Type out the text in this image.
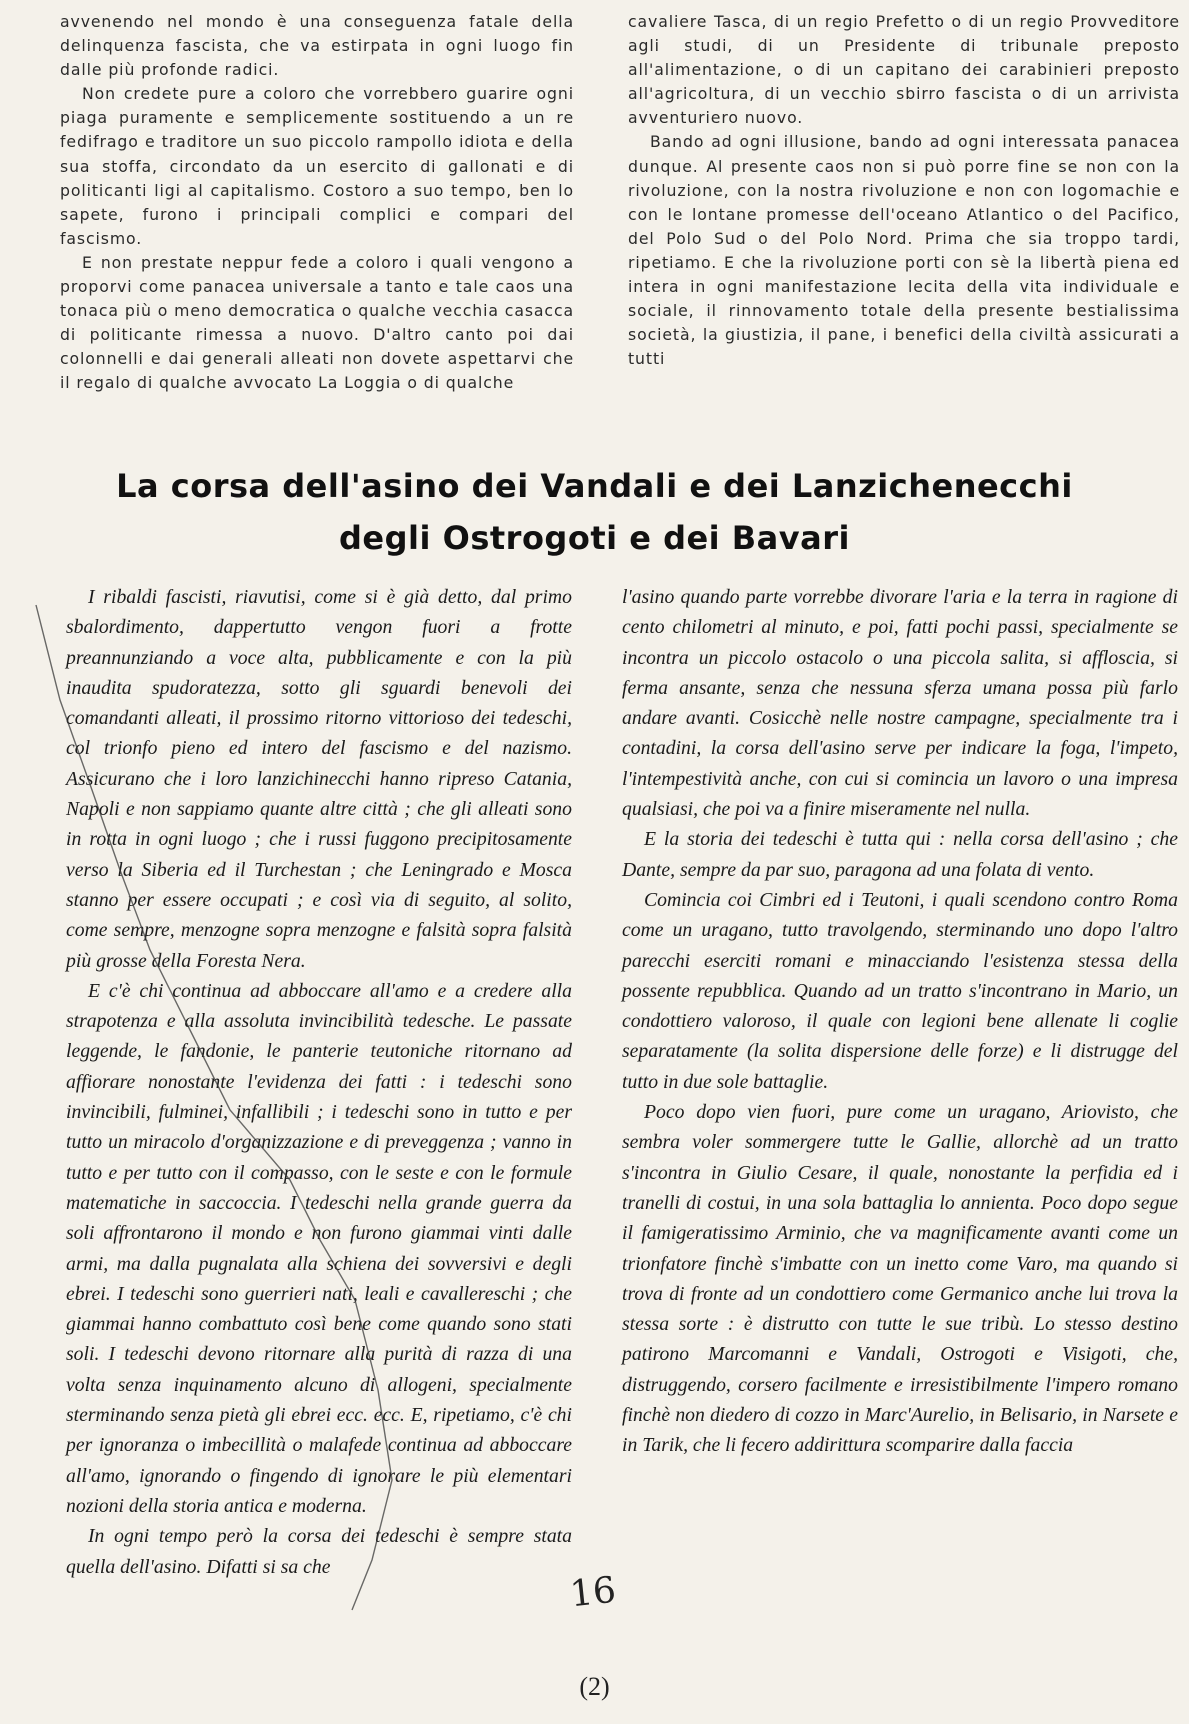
avvenendo nel mondo è una conseguenza fatale della delinquenza fascista, che va estirpata in ogni luogo fin dalle più profonde radici.

Non credete pure a coloro che vorrebbero guarire ogni piaga puramente e semplicemente sostituendo a un re fedifrago e traditore un suo piccolo rampollo idiota e della sua stoffa, circondato da un esercito di gallonati e di politicanti ligi al capitalismo. Costoro a suo tempo, ben lo sapete, furono i principali complici e compari del fascismo.

E non prestate neppur fede a coloro i quali vengono a proporvi come panacea universale a tanto e tale caos una tonaca più o meno democratica o qualche vecchia casacca di politicante rimessa a nuovo. D'altro canto poi dai colonnelli e dai generali alleati non dovete aspettarvi che il regalo di qualche avvocato La Loggia o di qualche

cavaliere Tasca, di un regio Prefetto o di un regio Provveditore agli studi, di un Presidente di tribunale preposto all'alimentazione, o di un capitano dei carabinieri preposto all'agricoltura, di un vecchio sbirro fascista o di un arrivista avventuriero nuovo.

Bando ad ogni illusione, bando ad ogni interessata panacea dunque. Al presente caos non si può porre fine se non con la rivoluzione, con la nostra rivoluzione e non con logomachie e con le lontane promesse dell'oceano Atlantico o del Pacifico, del Polo Sud o del Polo Nord. Prima che sia troppo tardi, ripetiamo. E che la rivoluzione porti con sè la libertà piena ed intera in ogni manifestazione lecita della vita individuale e sociale, il rinnovamento totale della presente bestialissima società, la giustizia, il pane, i benefici della civiltà assicurati a tutti

La corsa dell'asino dei Vandali e dei Lanzichenecchi
degli Ostrogoti e dei Bavari

I ribaldi fascisti, riavutisi, come si è già detto, dal primo sbalordimento, dappertutto vengon fuori a frotte preannunziando a voce alta, pubblicamente e con la più inaudita spudoratezza, sotto gli sguardi benevoli dei comandanti alleati, il prossimo ritorno vittorioso dei tedeschi, col trionfo pieno ed intero del fascismo e del nazismo. Assicurano che i loro lanzichinecchi hanno ripreso Catania, Napoli e non sappiamo quante altre città ; che gli alleati sono in rotta in ogni luogo ; che i russi fuggono precipitosamente verso la Siberia ed il Turchestan ; che Leningrado e Mosca stanno per essere occupati ; e così via di seguito, al solito, come sempre, menzogne sopra menzogne e falsità sopra falsità più grosse della Foresta Nera.

E c'è chi continua ad abboccare all'amo e a credere alla strapotenza e alla assoluta invincibilità tedesche. Le passate leggende, le fandonie, le panterie teutoniche ritornano ad affiorare nonostante l'evidenza dei fatti : i tedeschi sono invincibili, fulminei, infallibili ; i tedeschi sono in tutto e per tutto un miracolo d'organizzazione e di preveggenza ; vanno in tutto e per tutto con il compasso, con le seste e con le formule matematiche in saccoccia. I tedeschi nella grande guerra da soli affrontarono il mondo e non furono giammai vinti dalle armi, ma dalla pugnalata alla schiena dei sovversivi e degli ebrei. I tedeschi sono guerrieri nati, leali e cavallereschi ; che giammai hanno combattuto così bene come quando sono stati soli. I tedeschi devono ritornare alla purità di razza di una volta senza inquinamento alcuno di allogeni, specialmente sterminando senza pietà gli ebrei ecc. ecc. E, ripetiamo, c'è chi per ignoranza o imbecillità o malafede continua ad abboccare all'amo, ignorando o fingendo di ignorare le più elementari nozioni della storia antica e moderna.

In ogni tempo però la corsa dei tedeschi è sempre stata quella dell'asino. Difatti si sa che

l'asino quando parte vorrebbe divorare l'aria e la terra in ragione di cento chilometri al minuto, e poi, fatti pochi passi, specialmente se incontra un piccolo ostacolo o una piccola salita, si affloscia, si ferma ansante, senza che nessuna sferza umana possa più farlo andare avanti. Cosicchè nelle nostre campagne, specialmente tra i contadini, la corsa dell'asino serve per indicare la foga, l'impeto, l'intempestività anche, con cui si comincia un lavoro o una impresa qualsiasi, che poi va a finire miseramente nel nulla.

E la storia dei tedeschi è tutta qui : nella corsa dell'asino ; che Dante, sempre da par suo, paragona ad una folata di vento.

Comincia coi Cimbri ed i Teutoni, i quali scendono contro Roma come un uragano, tutto travolgendo, sterminando uno dopo l'altro parecchi eserciti romani e minacciando l'esistenza stessa della possente repubblica. Quando ad un tratto s'incontrano in Mario, un condottiero valoroso, il quale con legioni bene allenate li coglie separatamente (la solita dispersione delle forze) e li distrugge del tutto in due sole battaglie.

Poco dopo vien fuori, pure come un uragano, Ariovisto, che sembra voler sommergere tutte le Gallie, allorchè ad un tratto s'incontra in Giulio Cesare, il quale, nonostante la perfidia ed i tranelli di costui, in una sola battaglia lo annienta. Poco dopo segue il famigeratissimo Arminio, che va magnificamente avanti come un trionfatore finchè s'imbatte con un inetto come Varo, ma quando si trova di fronte ad un condottiero come Germanico anche lui trova la stessa sorte : è distrutto con tutte le sue tribù. Lo stesso destino patirono Marcomanni e Vandali, Ostrogoti e Visigoti, che, distruggendo, corsero facilmente e irresistibilmente l'impero romano finchè non diedero di cozzo in Marc'Aurelio, in Belisario, in Narsete e in Tarik, che li fecero addirittura scomparire dalla faccia

16
(2)
